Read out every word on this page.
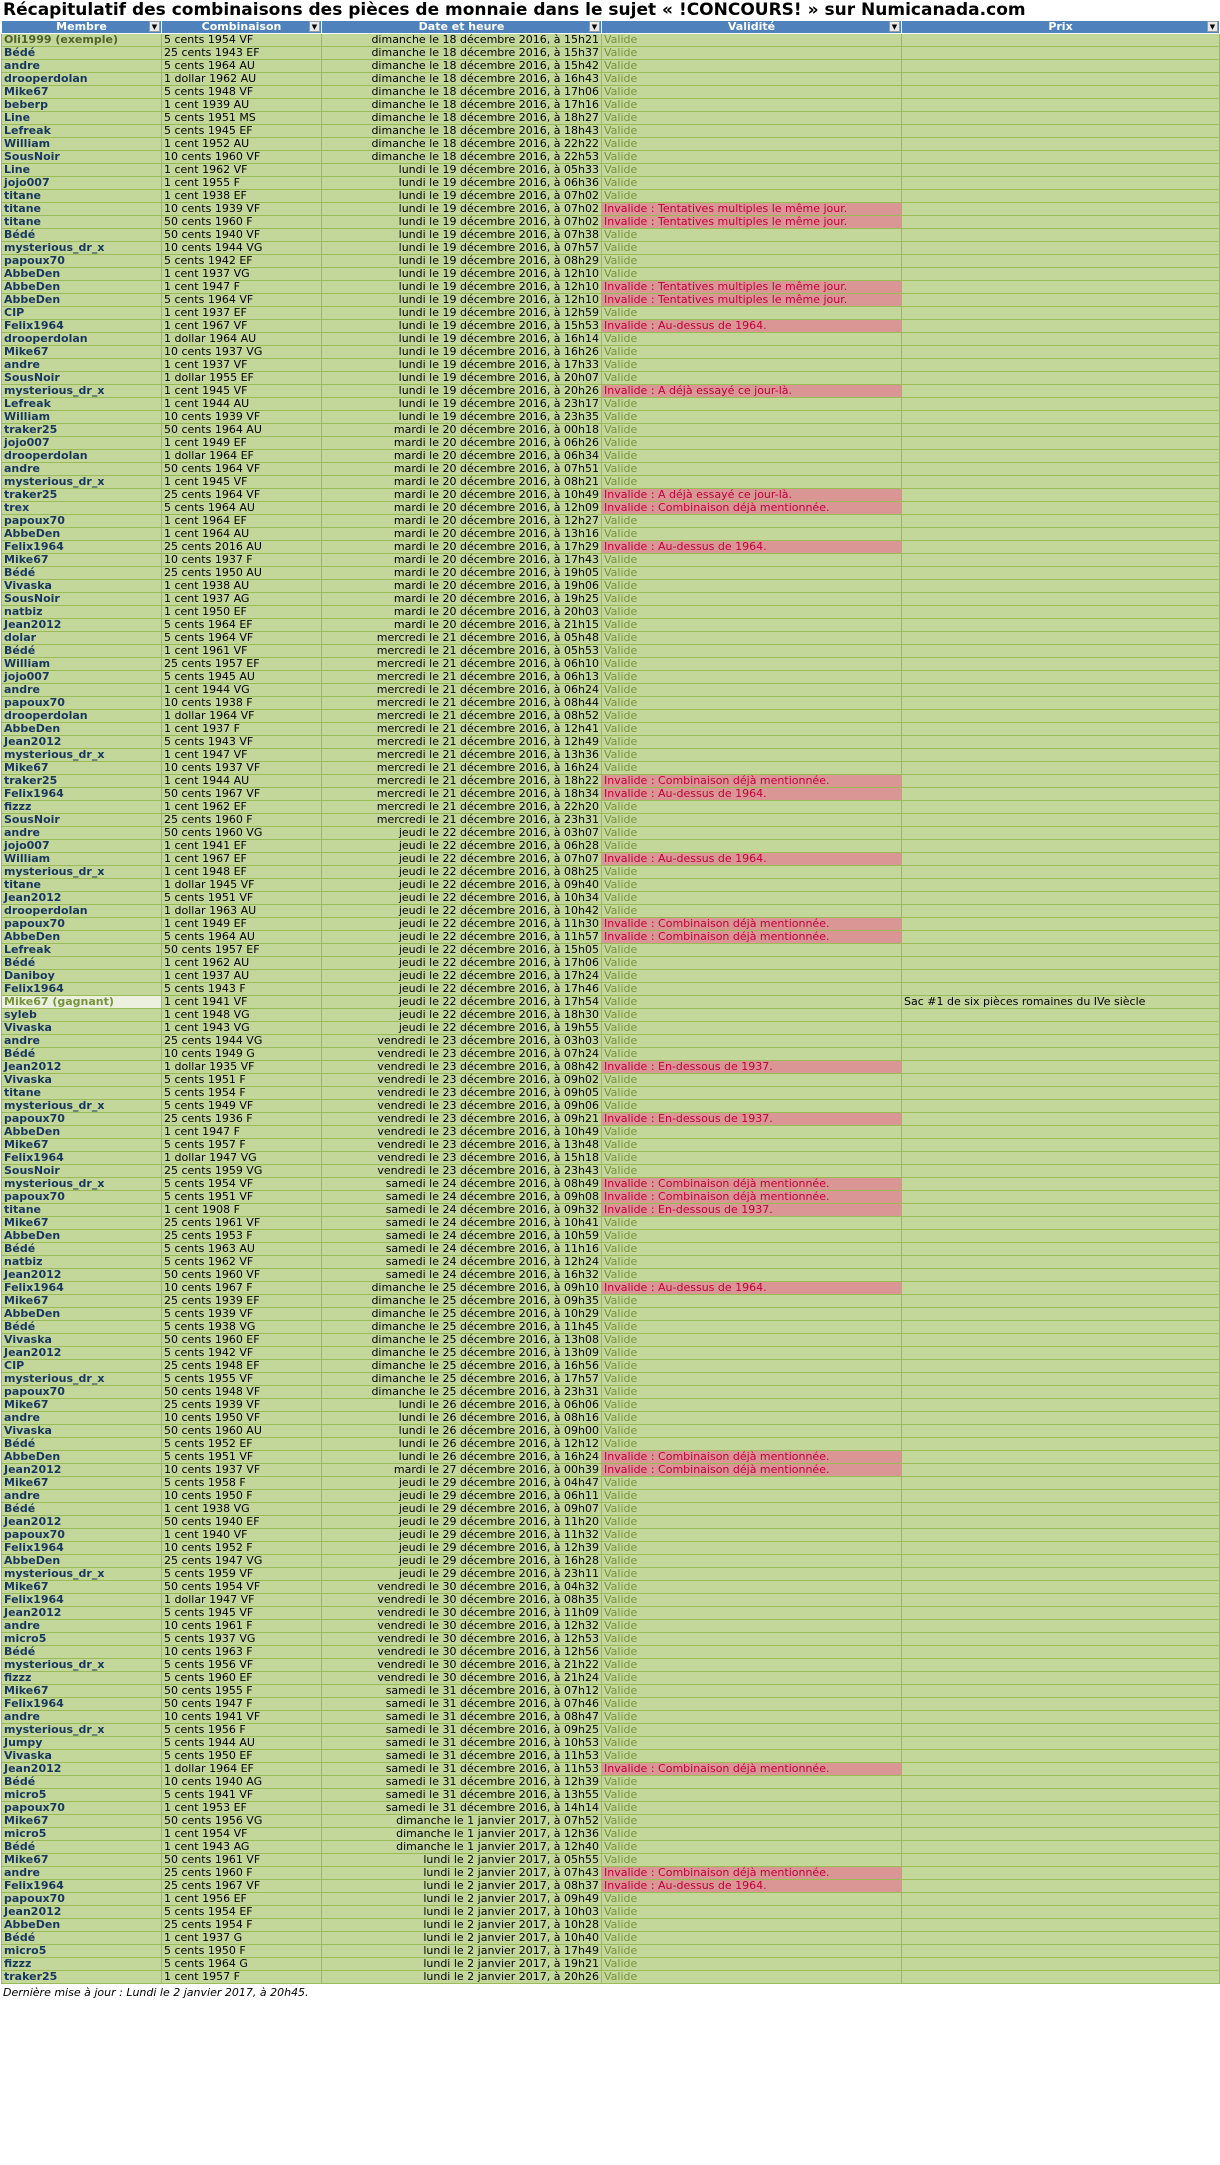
Récapitulatif des combinaisons des pièces de monnaie dans le sujet « !CONCOURS! » sur Numicanada.com
Membre ▼	Combinaison ▼	Date et heure ▼	Validité ▼	Prix ▼

Oli1999 (exemple)	5 cents 1954 VF	dimanche le 18 décembre 2016, à 15h21	Valide	
Bédé	25 cents 1943 EF	dimanche le 18 décembre 2016, à 15h37	Valide	
andre	5 cents 1964 AU	dimanche le 18 décembre 2016, à 15h42	Valide	
drooperdolan	1 dollar 1962 AU	dimanche le 18 décembre 2016, à 16h43	Valide	
Mike67	5 cents 1948 VF	dimanche le 18 décembre 2016, à 17h06	Valide	
beberp	1 cent 1939 AU	dimanche le 18 décembre 2016, à 17h16	Valide	
Line	5 cents 1951 MS	dimanche le 18 décembre 2016, à 18h27	Valide	
Lefreak	5 cents 1945 EF	dimanche le 18 décembre 2016, à 18h43	Valide	
William	1 cent 1952 AU	dimanche le 18 décembre 2016, à 22h22	Valide	
SousNoir	10 cents 1960 VF	dimanche le 18 décembre 2016, à 22h53	Valide	
Line	1 cent 1962 VF	lundi le 19 décembre 2016, à 05h33	Valide	
jojo007	1 cent 1955 F	lundi le 19 décembre 2016, à 06h36	Valide	
titane	1 cent 1938 EF	lundi le 19 décembre 2016, à 07h02	Valide	
titane	10 cents 1939 VF	lundi le 19 décembre 2016, à 07h02	Invalide : Tentatives multiples le même jour.	
titane	50 cents 1960 F	lundi le 19 décembre 2016, à 07h02	Invalide : Tentatives multiples le même jour.	
Bédé	50 cents 1940 VF	lundi le 19 décembre 2016, à 07h38	Valide	
mysterious_dr_x	10 cents 1944 VG	lundi le 19 décembre 2016, à 07h57	Valide	
papoux70	5 cents 1942 EF	lundi le 19 décembre 2016, à 08h29	Valide	
AbbeDen	1 cent 1937 VG	lundi le 19 décembre 2016, à 12h10	Valide	
AbbeDen	1 cent 1947 F	lundi le 19 décembre 2016, à 12h10	Invalide : Tentatives multiples le même jour.	
AbbeDen	5 cents 1964 VF	lundi le 19 décembre 2016, à 12h10	Invalide : Tentatives multiples le même jour.	
CIP	1 cent 1937 EF	lundi le 19 décembre 2016, à 12h59	Valide	
Felix1964	1 cent 1967 VF	lundi le 19 décembre 2016, à 15h53	Invalide : Au-dessus de 1964.	
drooperdolan	1 dollar 1964 AU	lundi le 19 décembre 2016, à 16h14	Valide	
Mike67	10 cents 1937 VG	lundi le 19 décembre 2016, à 16h26	Valide	
andre	1 cent 1937 VF	lundi le 19 décembre 2016, à 17h33	Valide	
SousNoir	1 dollar 1955 EF	lundi le 19 décembre 2016, à 20h07	Valide	
mysterious_dr_x	1 cent 1945 VF	lundi le 19 décembre 2016, à 20h26	Invalide : A déjà essayé ce jour-là.	
Lefreak	1 cent 1944 AU	lundi le 19 décembre 2016, à 23h17	Valide	
William	10 cents 1939 VF	lundi le 19 décembre 2016, à 23h35	Valide	
traker25	50 cents 1964 AU	mardi le 20 décembre 2016, à 00h18	Valide	
jojo007	1 cent 1949 EF	mardi le 20 décembre 2016, à 06h26	Valide	
drooperdolan	1 dollar 1964 EF	mardi le 20 décembre 2016, à 06h34	Valide	
andre	50 cents 1964 VF	mardi le 20 décembre 2016, à 07h51	Valide	
mysterious_dr_x	1 cent 1945 VF	mardi le 20 décembre 2016, à 08h21	Valide	
traker25	25 cents 1964 VF	mardi le 20 décembre 2016, à 10h49	Invalide : A déjà essayé ce jour-là.	
trex	5 cents 1964 AU	mardi le 20 décembre 2016, à 12h09	Invalide : Combinaison déjà mentionnée.	
papoux70	1 cent 1964 EF	mardi le 20 décembre 2016, à 12h27	Valide	
AbbeDen	1 cent 1964 AU	mardi le 20 décembre 2016, à 13h16	Valide	
Felix1964	25 cents 2016 AU	mardi le 20 décembre 2016, à 17h29	Invalide : Au-dessus de 1964.	
Mike67	10 cents 1937 F	mardi le 20 décembre 2016, à 17h43	Valide	
Bédé	25 cents 1950 AU	mardi le 20 décembre 2016, à 19h05	Valide	
Vivaska	1 cent 1938 AU	mardi le 20 décembre 2016, à 19h06	Valide	
SousNoir	1 cent 1937 AG	mardi le 20 décembre 2016, à 19h25	Valide	
natbiz	1 cent 1950 EF	mardi le 20 décembre 2016, à 20h03	Valide	
Jean2012	5 cents 1964 EF	mardi le 20 décembre 2016, à 21h15	Valide	
dolar	5 cents 1964 VF	mercredi le 21 décembre 2016, à 05h48	Valide	
Bédé	1 cent 1961 VF	mercredi le 21 décembre 2016, à 05h53	Valide	
William	25 cents 1957 EF	mercredi le 21 décembre 2016, à 06h10	Valide	
jojo007	5 cents 1945 AU	mercredi le 21 décembre 2016, à 06h13	Valide	
andre	1 cent 1944 VG	mercredi le 21 décembre 2016, à 06h24	Valide	
papoux70	10 cents 1938 F	mercredi le 21 décembre 2016, à 08h44	Valide	
drooperdolan	1 dollar 1964 VF	mercredi le 21 décembre 2016, à 08h52	Valide	
AbbeDen	1 cent 1937 F	mercredi le 21 décembre 2016, à 12h41	Valide	
Jean2012	5 cents 1943 VF	mercredi le 21 décembre 2016, à 12h49	Valide	
mysterious_dr_x	1 cent 1947 VF	mercredi le 21 décembre 2016, à 13h36	Valide	
Mike67	10 cents 1937 VF	mercredi le 21 décembre 2016, à 16h24	Valide	
traker25	1 cent 1944 AU	mercredi le 21 décembre 2016, à 18h22	Invalide : Combinaison déjà mentionnée.	
Felix1964	50 cents 1967 VF	mercredi le 21 décembre 2016, à 18h34	Invalide : Au-dessus de 1964.	
fizzz	1 cent 1962 EF	mercredi le 21 décembre 2016, à 22h20	Valide	
SousNoir	25 cents 1960 F	mercredi le 21 décembre 2016, à 23h31	Valide	
andre	50 cents 1960 VG	jeudi le 22 décembre 2016, à 03h07	Valide	
jojo007	1 cent 1941 EF	jeudi le 22 décembre 2016, à 06h28	Valide	
William	1 cent 1967 EF	jeudi le 22 décembre 2016, à 07h07	Invalide : Au-dessus de 1964.	
mysterious_dr_x	1 cent 1948 EF	jeudi le 22 décembre 2016, à 08h25	Valide	
titane	1 dollar 1945 VF	jeudi le 22 décembre 2016, à 09h40	Valide	
Jean2012	5 cents 1951 VF	jeudi le 22 décembre 2016, à 10h34	Valide	
drooperdolan	1 dollar 1963 AU	jeudi le 22 décembre 2016, à 10h42	Valide	
papoux70	1 cent 1949 EF	jeudi le 22 décembre 2016, à 11h30	Invalide : Combinaison déjà mentionnée.	
AbbeDen	5 cents 1964 AU	jeudi le 22 décembre 2016, à 11h57	Invalide : Combinaison déjà mentionnée.	
Lefreak	50 cents 1957 EF	jeudi le 22 décembre 2016, à 15h05	Valide	
Bédé	1 cent 1962 AU	jeudi le 22 décembre 2016, à 17h06	Valide	
Daniboy	1 cent 1937 AU	jeudi le 22 décembre 2016, à 17h24	Valide	
Felix1964	5 cents 1943 F	jeudi le 22 décembre 2016, à 17h46	Valide	
Mike67 (gagnant)	1 cent 1941 VF	jeudi le 22 décembre 2016, à 17h54	Valide	Sac #1 de six pièces romaines du IVe siècle
syleb	1 cent 1948 VG	jeudi le 22 décembre 2016, à 18h30	Valide	
Vivaska	1 cent 1943 VG	jeudi le 22 décembre 2016, à 19h55	Valide	
andre	25 cents 1944 VG	vendredi le 23 décembre 2016, à 03h03	Valide	
Bédé	10 cents 1949 G	vendredi le 23 décembre 2016, à 07h24	Valide	
Jean2012	1 dollar 1935 VF	vendredi le 23 décembre 2016, à 08h42	Invalide : En-dessous de 1937.	
Vivaska	5 cents 1951 F	vendredi le 23 décembre 2016, à 09h02	Valide	
titane	5 cents 1954 F	vendredi le 23 décembre 2016, à 09h05	Valide	
mysterious_dr_x	5 cents 1949 VF	vendredi le 23 décembre 2016, à 09h06	Valide	
papoux70	25 cents 1936 F	vendredi le 23 décembre 2016, à 09h21	Invalide : En-dessous de 1937.	
AbbeDen	1 cent 1947 F	vendredi le 23 décembre 2016, à 10h49	Valide	
Mike67	5 cents 1957 F	vendredi le 23 décembre 2016, à 13h48	Valide	
Felix1964	1 dollar 1947 VG	vendredi le 23 décembre 2016, à 15h18	Valide	
SousNoir	25 cents 1959 VG	vendredi le 23 décembre 2016, à 23h43	Valide	
mysterious_dr_x	5 cents 1954 VF	samedi le 24 décembre 2016, à 08h49	Invalide : Combinaison déjà mentionnée.	
papoux70	5 cents 1951 VF	samedi le 24 décembre 2016, à 09h08	Invalide : Combinaison déjà mentionnée.	
titane	1 cent 1908 F	samedi le 24 décembre 2016, à 09h32	Invalide : En-dessous de 1937.	
Mike67	25 cents 1961 VF	samedi le 24 décembre 2016, à 10h41	Valide	
AbbeDen	25 cents 1953 F	samedi le 24 décembre 2016, à 10h59	Valide	
Bédé	5 cents 1963 AU	samedi le 24 décembre 2016, à 11h16	Valide	
natbiz	5 cents 1962 VF	samedi le 24 décembre 2016, à 12h24	Valide	
Jean2012	50 cents 1960 VF	samedi le 24 décembre 2016, à 16h32	Valide	
Felix1964	10 cents 1967 F	dimanche le 25 décembre 2016, à 09h10	Invalide : Au-dessus de 1964.	
Mike67	25 cents 1939 EF	dimanche le 25 décembre 2016, à 09h35	Valide	
AbbeDen	5 cents 1939 VF	dimanche le 25 décembre 2016, à 10h29	Valide	
Bédé	5 cents 1938 VG	dimanche le 25 décembre 2016, à 11h45	Valide	
Vivaska	50 cents 1960 EF	dimanche le 25 décembre 2016, à 13h08	Valide	
Jean2012	5 cents 1942 VF	dimanche le 25 décembre 2016, à 13h09	Valide	
CIP	25 cents 1948 EF	dimanche le 25 décembre 2016, à 16h56	Valide	
mysterious_dr_x	5 cents 1955 VF	dimanche le 25 décembre 2016, à 17h57	Valide	
papoux70	50 cents 1948 VF	dimanche le 25 décembre 2016, à 23h31	Valide	
Mike67	25 cents 1939 VF	lundi le 26 décembre 2016, à 06h06	Valide	
andre	10 cents 1950 VF	lundi le 26 décembre 2016, à 08h16	Valide	
Vivaska	50 cents 1960 AU	lundi le 26 décembre 2016, à 09h00	Valide	
Bédé	5 cents 1952 EF	lundi le 26 décembre 2016, à 12h12	Valide	
AbbeDen	5 cents 1951 VF	lundi le 26 décembre 2016, à 16h24	Invalide : Combinaison déjà mentionnée.	
Jean2012	10 cents 1937 VF	mardi le 27 décembre 2016, à 00h39	Invalide : Combinaison déjà mentionnée.	
Mike67	5 cents 1958 F	jeudi le 29 décembre 2016, à 04h47	Valide	
andre	10 cents 1950 F	jeudi le 29 décembre 2016, à 06h11	Valide	
Bédé	1 cent 1938 VG	jeudi le 29 décembre 2016, à 09h07	Valide	
Jean2012	50 cents 1940 EF	jeudi le 29 décembre 2016, à 11h20	Valide	
papoux70	1 cent 1940 VF	jeudi le 29 décembre 2016, à 11h32	Valide	
Felix1964	10 cents 1952 F	jeudi le 29 décembre 2016, à 12h39	Valide	
AbbeDen	25 cents 1947 VG	jeudi le 29 décembre 2016, à 16h28	Valide	
mysterious_dr_x	5 cents 1959 VF	jeudi le 29 décembre 2016, à 23h11	Valide	
Mike67	50 cents 1954 VF	vendredi le 30 décembre 2016, à 04h32	Valide	
Felix1964	1 dollar 1947 VF	vendredi le 30 décembre 2016, à 08h35	Valide	
Jean2012	5 cents 1945 VF	vendredi le 30 décembre 2016, à 11h09	Valide	
andre	10 cents 1961 F	vendredi le 30 décembre 2016, à 12h32	Valide	
micro5	5 cents 1937 VG	vendredi le 30 décembre 2016, à 12h53	Valide	
Bédé	10 cents 1963 F	vendredi le 30 décembre 2016, à 12h56	Valide	
mysterious_dr_x	5 cents 1956 VF	vendredi le 30 décembre 2016, à 21h22	Valide	
fizzz	5 cents 1960 EF	vendredi le 30 décembre 2016, à 21h24	Valide	
Mike67	50 cents 1955 F	samedi le 31 décembre 2016, à 07h12	Valide	
Felix1964	50 cents 1947 F	samedi le 31 décembre 2016, à 07h46	Valide	
andre	10 cents 1941 VF	samedi le 31 décembre 2016, à 08h47	Valide	
mysterious_dr_x	5 cents 1956 F	samedi le 31 décembre 2016, à 09h25	Valide	
Jumpy	5 cents 1944 AU	samedi le 31 décembre 2016, à 10h53	Valide	
Vivaska	5 cents 1950 EF	samedi le 31 décembre 2016, à 11h53	Valide	
Jean2012	1 dollar 1964 EF	samedi le 31 décembre 2016, à 11h53	Invalide : Combinaison déjà mentionnée.	
Bédé	10 cents 1940 AG	samedi le 31 décembre 2016, à 12h39	Valide	
micro5	5 cents 1941 VF	samedi le 31 décembre 2016, à 13h55	Valide	
papoux70	1 cent 1953 EF	samedi le 31 décembre 2016, à 14h14	Valide	
Mike67	50 cents 1956 VG	dimanche le 1 janvier 2017, à 07h52	Valide	
micro5	1 cent 1954 VF	dimanche le 1 janvier 2017, à 12h36	Valide	
Bédé	1 cent 1943 AG	dimanche le 1 janvier 2017, à 12h40	Valide	
Mike67	50 cents 1961 VF	lundi le 2 janvier 2017, à 05h55	Valide	
andre	25 cents 1960 F	lundi le 2 janvier 2017, à 07h43	Invalide : Combinaison déjà mentionnée.	
Felix1964	25 cents 1967 VF	lundi le 2 janvier 2017, à 08h37	Invalide : Au-dessus de 1964.	
papoux70	1 cent 1956 EF	lundi le 2 janvier 2017, à 09h49	Valide	
Jean2012	5 cents 1954 EF	lundi le 2 janvier 2017, à 10h03	Valide	
AbbeDen	25 cents 1954 F	lundi le 2 janvier 2017, à 10h28	Valide	
Bédé	1 cent 1937 G	lundi le 2 janvier 2017, à 10h40	Valide	
micro5	5 cents 1950 F	lundi le 2 janvier 2017, à 17h49	Valide	
fizzz	5 cents 1964 G	lundi le 2 janvier 2017, à 19h21	Valide	
traker25	1 cent 1957 F	lundi le 2 janvier 2017, à 20h26	Valide	
Dernière mise à jour : Lundi le 2 janvier 2017, à 20h45.
